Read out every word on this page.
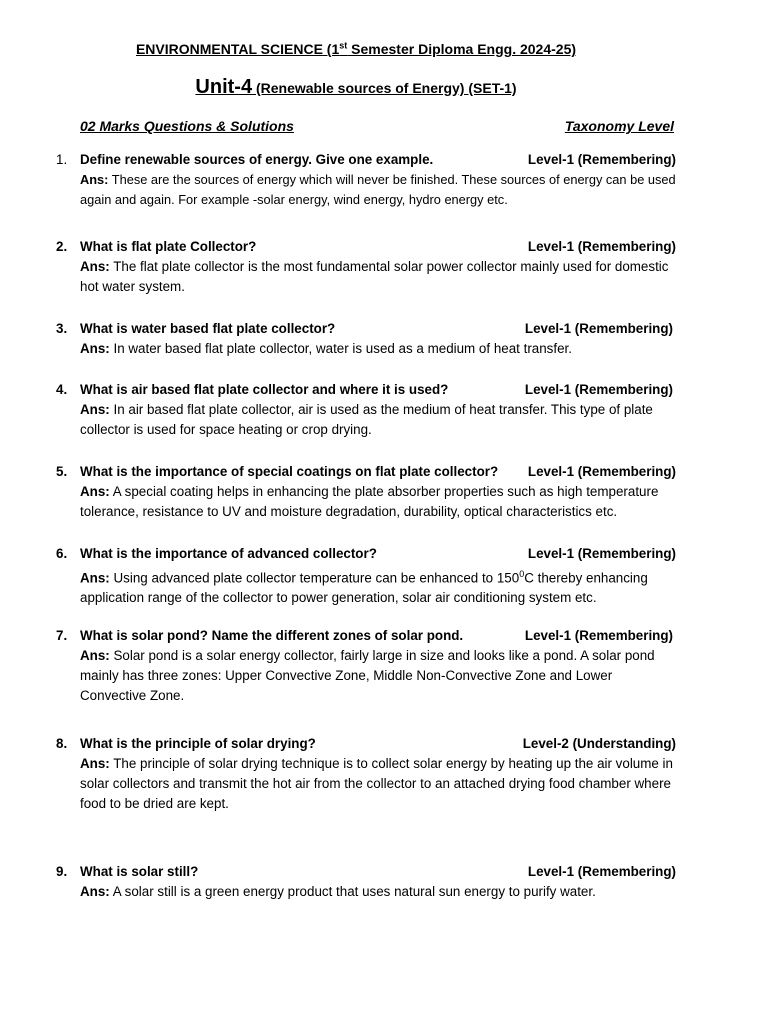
ENVIRONMENTAL SCIENCE (1st Semester Diploma Engg. 2024-25)
Unit-4 (Renewable sources of Energy) (SET-1)
02 Marks Questions & Solutions	Taxonomy Level
1. Define renewable sources of energy. Give one example.	Level-1 (Remembering)
Ans: These are the sources of energy which will never be finished. These sources of energy can be used again and again. For example -solar energy, wind energy, hydro energy etc.
2. What is flat plate Collector?	Level-1 (Remembering)
Ans: The flat plate collector is the most fundamental solar power collector mainly used for domestic hot water system.
3. What is water based flat plate collector?	Level-1 (Remembering)
Ans: In water based flat plate collector, water is used as a medium of heat transfer.
4. What is air based flat plate collector and where it is used?	Level-1 (Remembering)
Ans: In air based flat plate collector, air is used as the medium of heat transfer. This type of plate collector is used for space heating or crop drying.
5. What is the importance of special coatings on flat plate collector? Level-1 (Remembering)
Ans: A special coating helps in enhancing the plate absorber properties such as high temperature tolerance, resistance to UV and moisture degradation, durability, optical characteristics etc.
6. What is the importance of advanced collector?	Level-1 (Remembering)
Ans: Using advanced plate collector temperature can be enhanced to $150^0C$ thereby enhancing application range of the collector to power generation, solar air conditioning system etc.
7. What is solar pond? Name the different zones of solar pond.	Level-1 (Remembering)
Ans: Solar pond is a solar energy collector, fairly large in size and looks like a pond. A solar pond mainly has three zones: Upper Convective Zone, Middle Non-Convective Zone and Lower Convective Zone.
8. What is the principle of solar drying?	Level-2 (Understanding)
Ans: The principle of solar drying technique is to collect solar energy by heating up the air volume in solar collectors and transmit the hot air from the collector to an attached drying food chamber where food to be dried are kept.
9. What is solar still?	Level-1 (Remembering)
Ans: A solar still is a green energy product that uses natural sun energy to purify water.
